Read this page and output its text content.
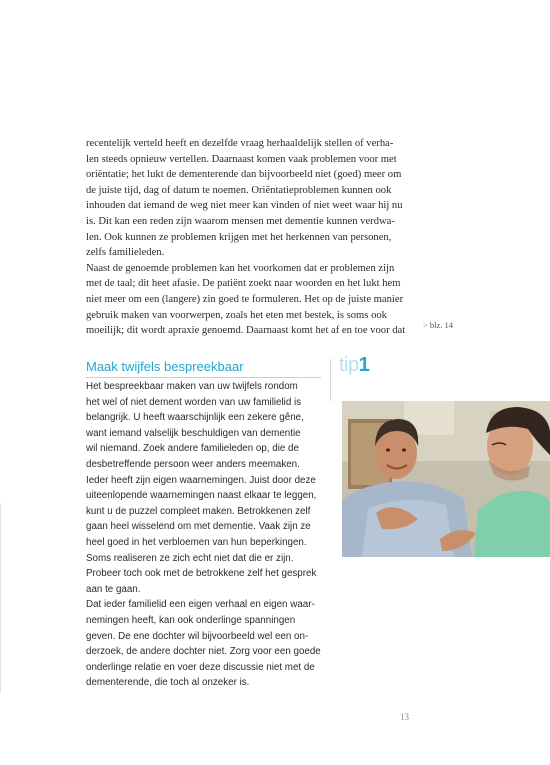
recentelijk verteld heeft en dezelfde vraag herhaaldelijk stellen of verha-
len steeds opnieuw vertellen. Daarnaast komen vaak problemen voor met
oriëntatie; het lukt de dementerende dan bijvoorbeeld niet (goed) meer om
de juiste tijd, dag of datum te noemen. Oriëntatieproblemen kunnen ook
inhouden dat iemand de weg niet meer kan vinden of niet weet waar hij nu
is. Dit kan een reden zijn waarom mensen met dementie kunnen verdwa-
len. Ook kunnen ze problemen krijgen met het herkennen van personen,
zelfs familieleden.
Naast de genoemde problemen kan het voorkomen dat er problemen zijn
met de taal; dit heet afasie. De patiënt zoekt naar woorden en het lukt hem
niet meer om een (langere) zin goed te formuleren. Het op de juiste manier
gebruik maken van voorwerpen, zoals het eten met bestek, is soms ook
moeilijk; dit wordt apraxie genoemd. Daarnaast komt het af en toe voor dat
> blz. 14
Maak twijfels bespreekbaar
Het bespreekbaar maken van uw twijfels rondom
het wel of niet dement worden van uw familielid is
belangrijk. U heeft waarschijnlijk een zekere gêne,
want iemand valselijk beschuldigen van dementie
wil niemand. Zoek andere familieleden op, die de
desbetreffende persoon weer anders meemaken.
Ieder heeft zijn eigen waarnemingen. Juist door deze
uiteenlopende waarnemingen naast elkaar te leggen,
kunt u de puzzel compleet maken. Betrokkenen zelf
gaan heel wisselend om met dementie. Vaak zijn ze
heel goed in het verbloemen van hun beperkingen.
Soms realiseren ze zich echt niet dat die er zijn.
Probeer toch ook met de betrokkene zelf het gesprek
aan te gaan.
Dat ieder familielid een eigen verhaal en eigen waar-
nemingen heeft, kan ook onderlinge spanningen
geven. De ene dochter wil bijvoorbeeld wel een on-
derzoek, de andere dochter niet. Zorg voor een goede
onderlinge relatie en voer deze discussie niet met de
dementerende, die toch al onzeker is.
tip1
13
